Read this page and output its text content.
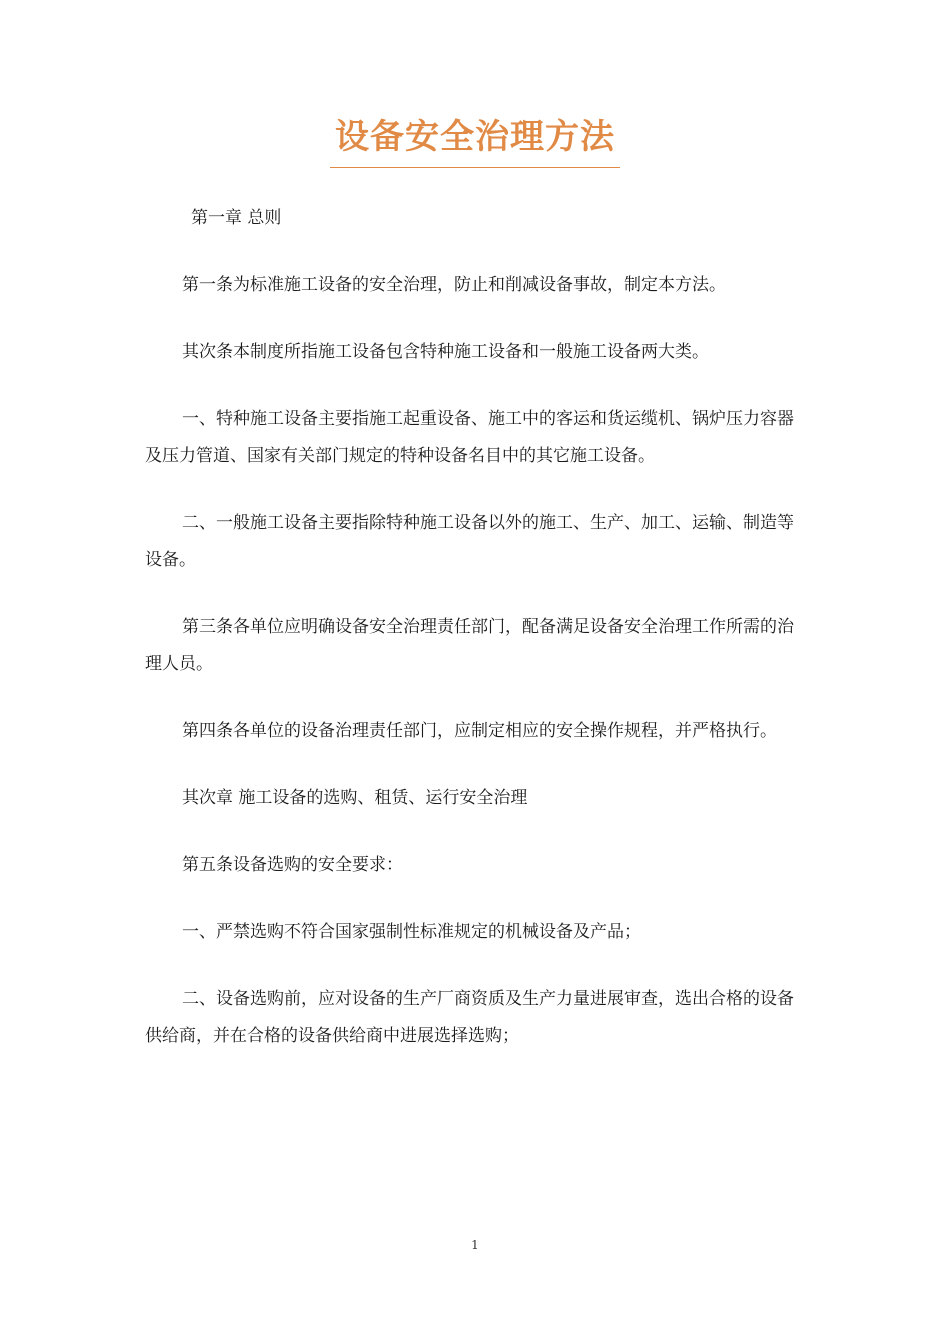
设备安全治理方法

第一章 总则

第一条为标准施工设备的安全治理，防止和削减设备事故，制定本方法。

其次条本制度所指施工设备包含特种施工设备和一般施工设备两大类。

一、特种施工设备主要指施工起重设备、施工中的客运和货运缆机、锅炉压力容器及压力管道、国家有关部门规定的特种设备名目中的其它施工设备。

二、一般施工设备主要指除特种施工设备以外的施工、生产、加工、运输、制造等设备。

第三条各单位应明确设备安全治理责任部门，配备满足设备安全治理工作所需的治理人员。

第四条各单位的设备治理责任部门，应制定相应的安全操作规程，并严格执行。

其次章 施工设备的选购、租赁、运行安全治理

第五条设备选购的安全要求：

一、严禁选购不符合国家强制性标准规定的机械设备及产品；

二、设备选购前，应对设备的生产厂商资质及生产力量进展审查，选出合格的设备供给商，并在合格的设备供给商中进展选择选购；

1
